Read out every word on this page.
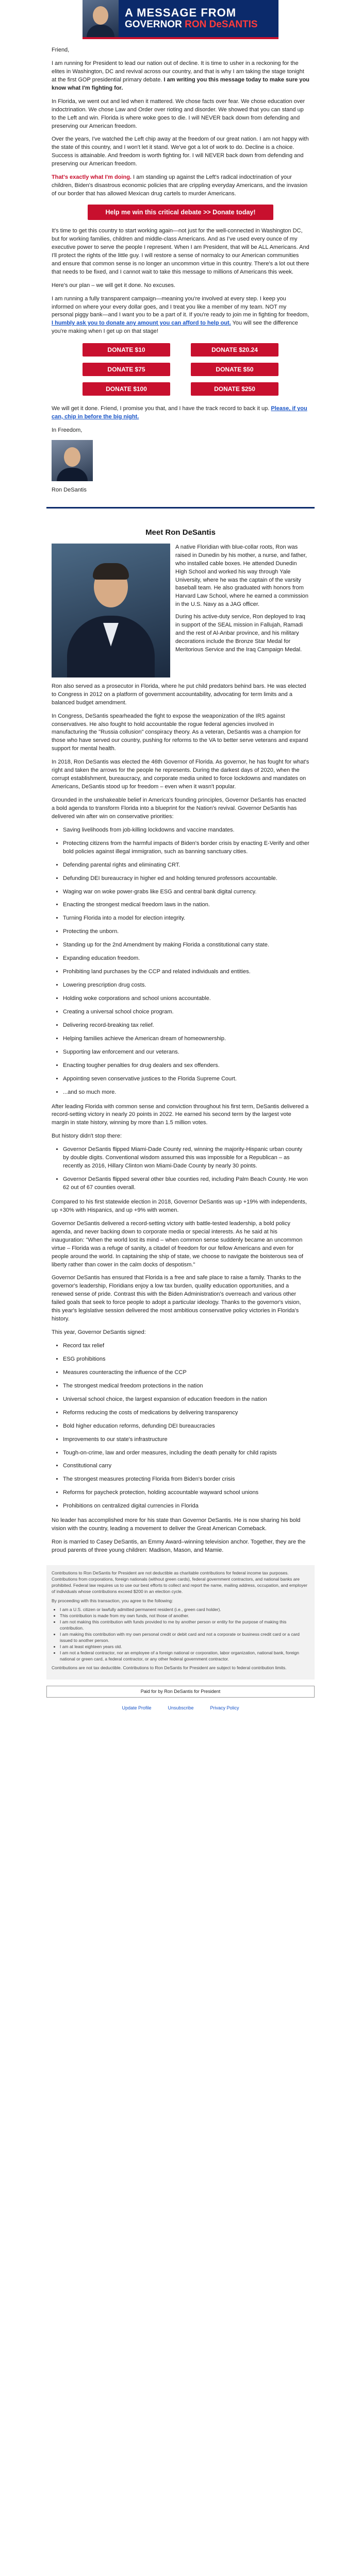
A MESSAGE FROM
GOVERNOR RON DeSANTIS

Friend,

I am running for President to lead our nation out of decline. It is time to usher in a reckoning for the elites in Washington, DC and revival across our country, and that is why I am taking the stage tonight at the first GOP presidential primary debate. I am writing you this message today to make sure you know what I'm fighting for.

In Florida, we went out and led when it mattered. We chose facts over fear. We chose education over indoctrination. We chose Law and Order over rioting and disorder. We showed that you can stand up to the Left and win. Florida is where woke goes to die. I will NEVER back down from defending and preserving our American freedom.

Over the years, I've watched the Left chip away at the freedom of our great nation. I am not happy with the state of this country, and I won't let it stand. We've got a lot of work to do. Decline is a choice. Success is attainable. And freedom is worth fighting for. I will NEVER back down from defending and preserving our American freedom.

That's exactly what I'm doing. I am standing up against the Left's radical indoctrination of your children, Biden's disastrous economic policies that are crippling everyday Americans, and the invasion of our border that has allowed Mexican drug cartels to murder Americans.

Help me win this critical debate >> Donate today!

It's time to get this country to start working again—not just for the well-connected in Washington DC, but for working families, children and middle-class Americans. And as I've used every ounce of my executive power to serve the people I represent. When I am President, that will be ALL Americans. And I'll protect the rights of the little guy. I will restore a sense of normalcy to our American communities and ensure that common sense is no longer an uncommon virtue in this country. There's a lot out there that needs to be fixed, and I cannot wait to take this message to millions of Americans this week.

Here's our plan – we will get it done. No excuses.

I am running a fully transparent campaign—meaning you're involved at every step. I keep you informed on where your every dollar goes, and I treat you like a member of my team. NOT my personal piggy bank—and I want you to be a part of it. If you're ready to join me in fighting for freedom, I humbly ask you to donate any amount you can afford to help out. You will see the difference you're making when I get up on that stage!

DONATE $10	DONATE $20.24
DONATE $75	DONATE $50
DONATE $100	DONATE $250

We will get it done. Friend, I promise you that, and I have the track record to back it up. Please, if you can, chip in before the big night.

In Freedom,

Ron DeSantis

Meet Ron DeSantis

A native Floridian with blue-collar roots, Ron was raised in Dunedin by his mother, a nurse, and father, who installed cable boxes. He attended Dunedin High School and worked his way through Yale University, where he was the captain of the varsity baseball team. He also graduated with honors from Harvard Law School, where he earned a commission in the U.S. Navy as a JAG officer.

During his active-duty service, Ron deployed to Iraq in support of the SEAL mission in Fallujah, Ramadi and the rest of Al-Anbar province, and his military decorations include the Bronze Star Medal for Meritorious Service and the Iraq Campaign Medal.

Ron also served as a prosecutor in Florida, where he put child predators behind bars. He was elected to Congress in 2012 on a platform of government accountability, advocating for term limits and a balanced budget amendment.

In Congress, DeSantis spearheaded the fight to expose the weaponization of the IRS against conservatives. He also fought to hold accountable the rogue federal agencies involved in manufacturing the "Russia collusion" conspiracy theory. As a veteran, DeSantis was a champion for those who have served our country, pushing for reforms to the VA to better serve veterans and expand support for mental health.

In 2018, Ron DeSantis was elected the 46th Governor of Florida. As governor, he has fought for what's right and taken the arrows for the people he represents. During the darkest days of 2020, when the corrupt establishment, bureaucracy, and corporate media united to force lockdowns and mandates on Americans, DeSantis stood up for freedom – even when it wasn't popular.

Grounded in the unshakeable belief in America's founding principles, Governor DeSantis has enacted a bold agenda to transform Florida into a blueprint for the Nation's revival. Governor DeSantis has delivered win after win on conservative priorities:

• Saving livelihoods from job-killing lockdowns and vaccine mandates.
• Protecting citizens from the harmful impacts of Biden's border crisis by enacting E-Verify and other bold policies against illegal immigration, such as banning sanctuary cities.
• Defending parental rights and eliminating CRT.
• Defunding DEI bureaucracy in higher ed and holding tenured professors accountable.
• Waging war on woke power-grabs like ESG and central bank digital currency.
• Enacting the strongest medical freedom laws in the nation.
• Turning Florida into a model for election integrity.
• Protecting the unborn.
• Standing up for the 2nd Amendment by making Florida a constitutional carry state.
• Expanding education freedom.
• Prohibiting land purchases by the CCP and related individuals and entities.
• Lowering prescription drug costs.
• Holding woke corporations and school unions accountable.
• Creating a universal school choice program.
• Delivering record-breaking tax relief.
• Helping families achieve the American dream of homeownership.
• Supporting law enforcement and our veterans.
• Enacting tougher penalties for drug dealers and sex offenders.
• Appointing seven conservative justices to the Florida Supreme Court.
• ...and so much more.

After leading Florida with common sense and conviction throughout his first term, DeSantis delivered a record-setting victory in nearly 20 points in 2022. He earned his second term by the largest vote margin in state history, winning by more than 1.5 million votes.

But history didn't stop there:

• Governor DeSantis flipped Miami-Dade County red, winning the majority-Hispanic urban county by double digits. Conventional wisdom assumed this was impossible for a Republican – as recently as 2016, Hillary Clinton won Miami-Dade County by nearly 30 points.
• Governor DeSantis flipped several other blue counties red, including Palm Beach County. He won 62 out of 67 counties overall.

Compared to his first statewide election in 2018, Governor DeSantis was up +19% with independents, up +30% with Hispanics, and up +9% with women.

Governor DeSantis delivered a record-setting victory with battle-tested leadership, a bold policy agenda, and never backing down to corporate media or special interests. As he said at his inauguration: "When the world lost its mind – when common sense suddenly became an uncommon virtue – Florida was a refuge of sanity, a citadel of freedom for our fellow Americans and even for people around the world. In captaining the ship of state, we choose to navigate the boisterous sea of liberty rather than cower in the calm docks of despotism."

Governor DeSantis has ensured that Florida is a free and safe place to raise a family. Thanks to the governor's leadership, Floridians enjoy a low tax burden, quality education opportunities, and a renewed sense of pride. Contrast this with the Biden Administration's overreach and various other failed goals that seek to force people to adopt a particular ideology. Thanks to the governor's vision, this year's legislative session delivered the most ambitious conservative policy victories in Florida's history.

This year, Governor DeSantis signed:

• Record tax relief
• ESG prohibitions
• Measures counteracting the influence of the CCP
• The strongest medical freedom protections in the nation
• Universal school choice, the largest expansion of education freedom in the nation
• Reforms reducing the costs of medications by delivering transparency
• Bold higher education reforms, defunding DEI bureaucracies
• Improvements to our state's infrastructure
• Tough-on-crime, law and order measures, including the death penalty for child rapists
• Constitutional carry
• The strongest measures protecting Florida from Biden's border crisis
• Reforms for paycheck protection, holding accountable wayward school unions
• Prohibitions on centralized digital currencies in Florida

No leader has accomplished more for his state than Governor DeSantis. He is now sharing his bold vision with the country, leading a movement to deliver the Great American Comeback.

Ron is married to Casey DeSantis, an Emmy Award–winning television anchor. Together, they are the proud parents of three young children: Madison, Mason, and Mamie.

Contributions to Ron DeSantis for President are not deductible as charitable contributions for federal income tax purposes. Contributions from corporations, foreign nationals (without green cards), federal government contractors, and national banks are prohibited. Federal law requires us to use our best efforts to collect and report the name, mailing address, occupation, and employer of individuals whose contributions exceed $200 in an election cycle.

By proceeding with this transaction, you agree to the following:

• I am a U.S. citizen or lawfully admitted permanent resident (i.e., green card holder).
• This contribution is made from my own funds, not those of another.
• I am not making this contribution with funds provided to me by another person or entity for the purpose of making this contribution.
• I am making this contribution with my own personal credit or debit card and not a corporate or business credit card or a card issued to another person.
• I am at least eighteen years old.
• I am not a federal contractor, nor an employee of a foreign national or corporation, labor organization, national bank, foreign national or green card, a federal contractor, or any other federal government contractor.

Contributions are not tax deductible. Contributions to Ron DeSantis for President are subject to federal contribution limits.

Paid for by Ron DeSantis for President
Update Profile	Unsubscribe	Privacy Policy
